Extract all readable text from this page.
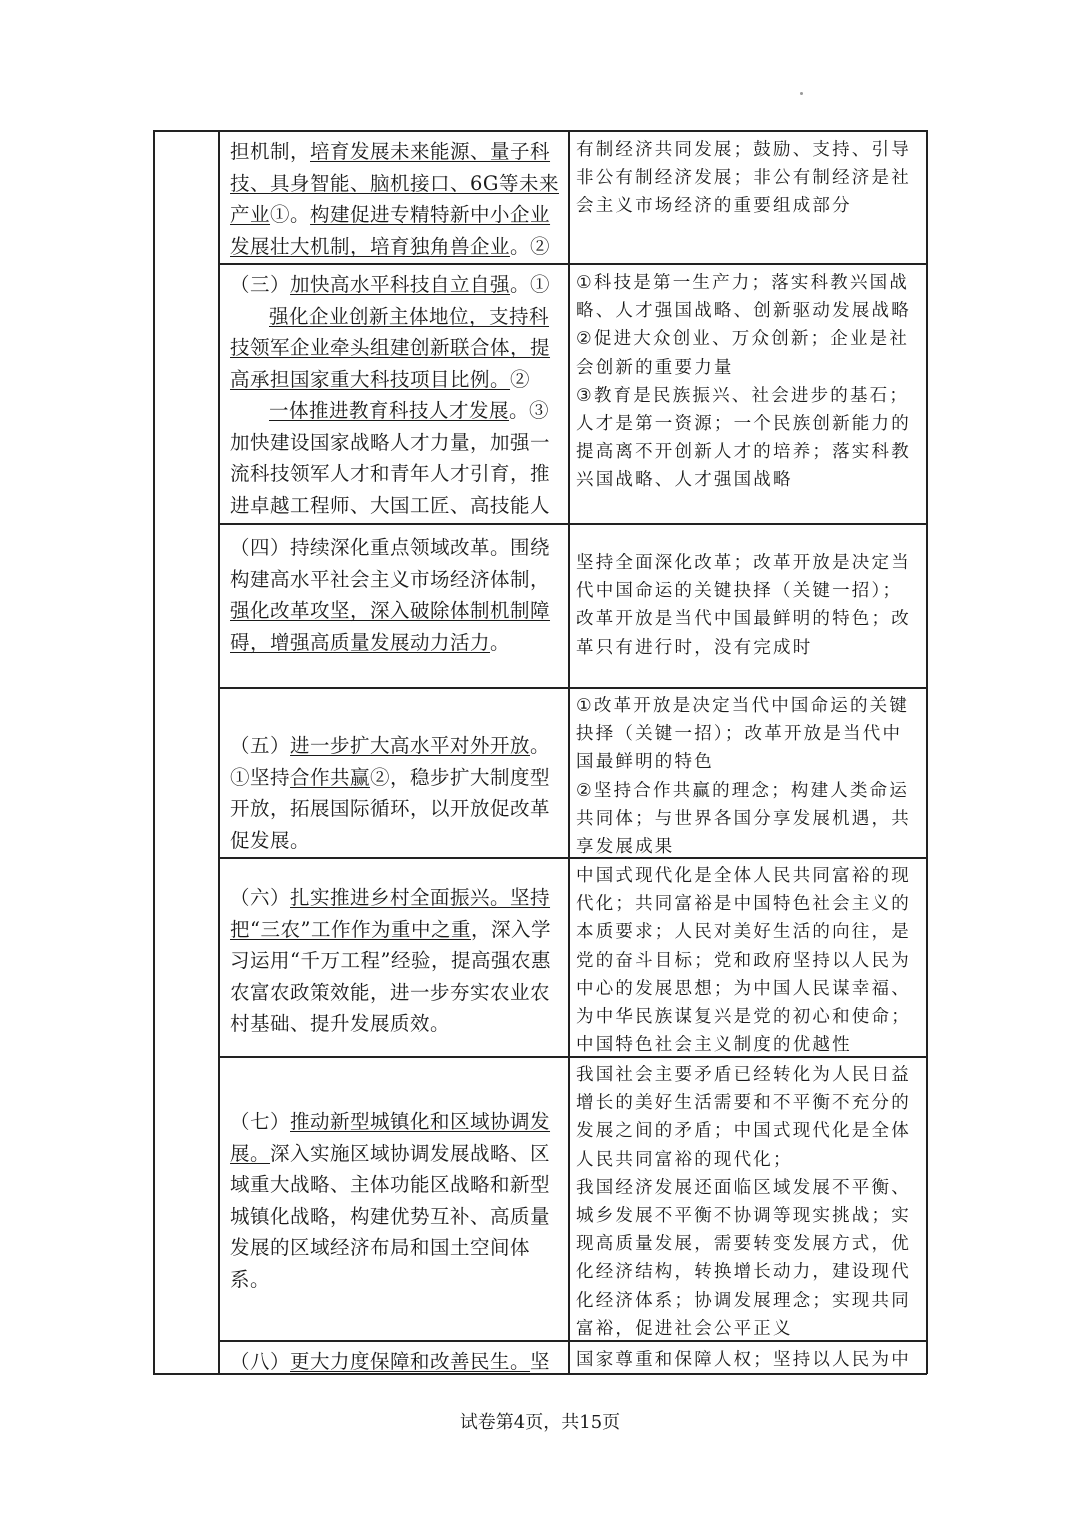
担机制，培育发展未来能源、量子科技、具身智能、脑机接口、6G等未来产业①。构建促进专精特新中小企业发展壮大机制，培育独角兽企业。②

有制经济共同发展；鼓励、支持、引导非公有制经济发展；非公有制经济是社会主义市场经济的重要组成部分

（三）加快高水平科技自立自强。①

强化企业创新主体地位，支持科技领军企业牵头组建创新联合体，提高承担国家重大科技项目比例。②

一体推进教育科技人才发展。③加快建设国家战略人才力量，加强一流科技领军人才和青年人才引育，推进卓越工程师、大国工匠、高技能人

①科技是第一生产力；落实科教兴国战略、人才强国战略、创新驱动发展战略

②促进大众创业、万众创新；企业是社会创新的重要力量

③教育是民族振兴、社会进步的基石；人才是第一资源；一个民族创新能力的提高离不开创新人才的培养；落实科教兴国战略、人才强国战略

（四）持续深化重点领域改革。围绕构建高水平社会主义市场经济体制，强化改革攻坚，深入破除体制机制障碍，增强高质量发展动力活力。

坚持全面深化改革；改革开放是决定当代中国命运的关键抉择（关键一招）；改革开放是当代中国最鲜明的特色；改革只有进行时，没有完成时

（五）进一步扩大高水平对外开放。①坚持合作共赢②，稳步扩大制度型开放，拓展国际循环，以开放促改革促发展。

①改革开放是决定当代中国命运的关键抉择（关键一招）；改革开放是当代中国最鲜明的特色

②坚持合作共赢的理念；构建人类命运共同体；与世界各国分享发展机遇，共享发展成果

（六）扎实推进乡村全面振兴。坚持把“三农”工作作为重中之重，深入学习运用“千万工程”经验，提高强农惠农富农政策效能，进一步夯实农业农村基础、提升发展质效。

中国式现代化是全体人民共同富裕的现代化；共同富裕是中国特色社会主义的本质要求；人民对美好生活的向往，是党的奋斗目标；党和政府坚持以人民为中心的发展思想；为中国人民谋幸福、为中华民族谋复兴是党的初心和使命；中国特色社会主义制度的优越性

（七）推动新型城镇化和区域协调发展。深入实施区域协调发展战略、区域重大战略、主体功能区战略和新型城镇化战略，构建优势互补、高质量发展的区域经济布局和国土空间体系。

我国社会主要矛盾已经转化为人民日益增长的美好生活需要和不平衡不充分的发展之间的矛盾；中国式现代化是全体人民共同富裕的现代化；

我国经济发展还面临区域发展不平衡、城乡发展不平衡不协调等现实挑战；实现高质量发展，需要转变发展方式，优化经济结构，转换增长动力，建设现代化经济体系；协调发展理念；实现共同富裕，促进社会公平正义

（八）更大力度保障和改善民生。坚	国家尊重和保障人权；坚持以人民为中

试卷第4页，共15页
